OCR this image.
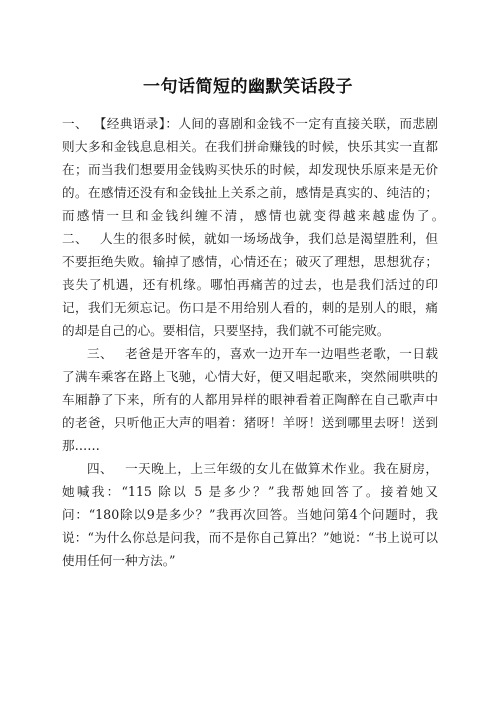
一句话简短的幽默笑话段子

一、 【经典语录】：人间的喜剧和金钱不一定有直接关联，而悲剧则大多和金钱息息相关。在我们拼命赚钱的时候，快乐其实一直都在；而当我们想要用金钱购买快乐的时候，却发现快乐原来是无价的。在感情还没有和金钱扯上关系之前，感情是真实的、纯洁的；而感情一旦和金钱纠缠不清，感情也就变得越来越虚伪了。　　二、 人生的很多时候，就如一场场战争，我们总是渴望胜利，但不要拒绝失败。输掉了感情，心情还在；破灭了理想，思想犹存；丧失了机遇，还有机缘。哪怕再痛苦的过去，也是我们活过的印记，我们无须忘记。伤口是不用给别人看的，刺的是别人的眼，痛的却是自己的心。要相信，只要坚持，我们就不可能完败。

三、 老爸是开客车的，喜欢一边开车一边唱些老歌，一日载了满车乘客在路上飞驰，心情大好，便又唱起歌来，突然闹哄哄的车厢静了下来，所有的人都用异样的眼神看着正陶醉在自己歌声中的老爸，只听他正大声的唱着：猪呀！羊呀！送到哪里去呀！送到那……

四、 一天晚上，上三年级的女儿在做算术作业。我在厨房，她喊我：“115 除以 5 是多少？”我帮她回答了。接着她又问：“180除以9是多少？”我再次回答。当她问第4个问题时，我说：“为什么你总是问我，而不是你自己算出？”她说：“书上说可以使用任何一种方法。”
